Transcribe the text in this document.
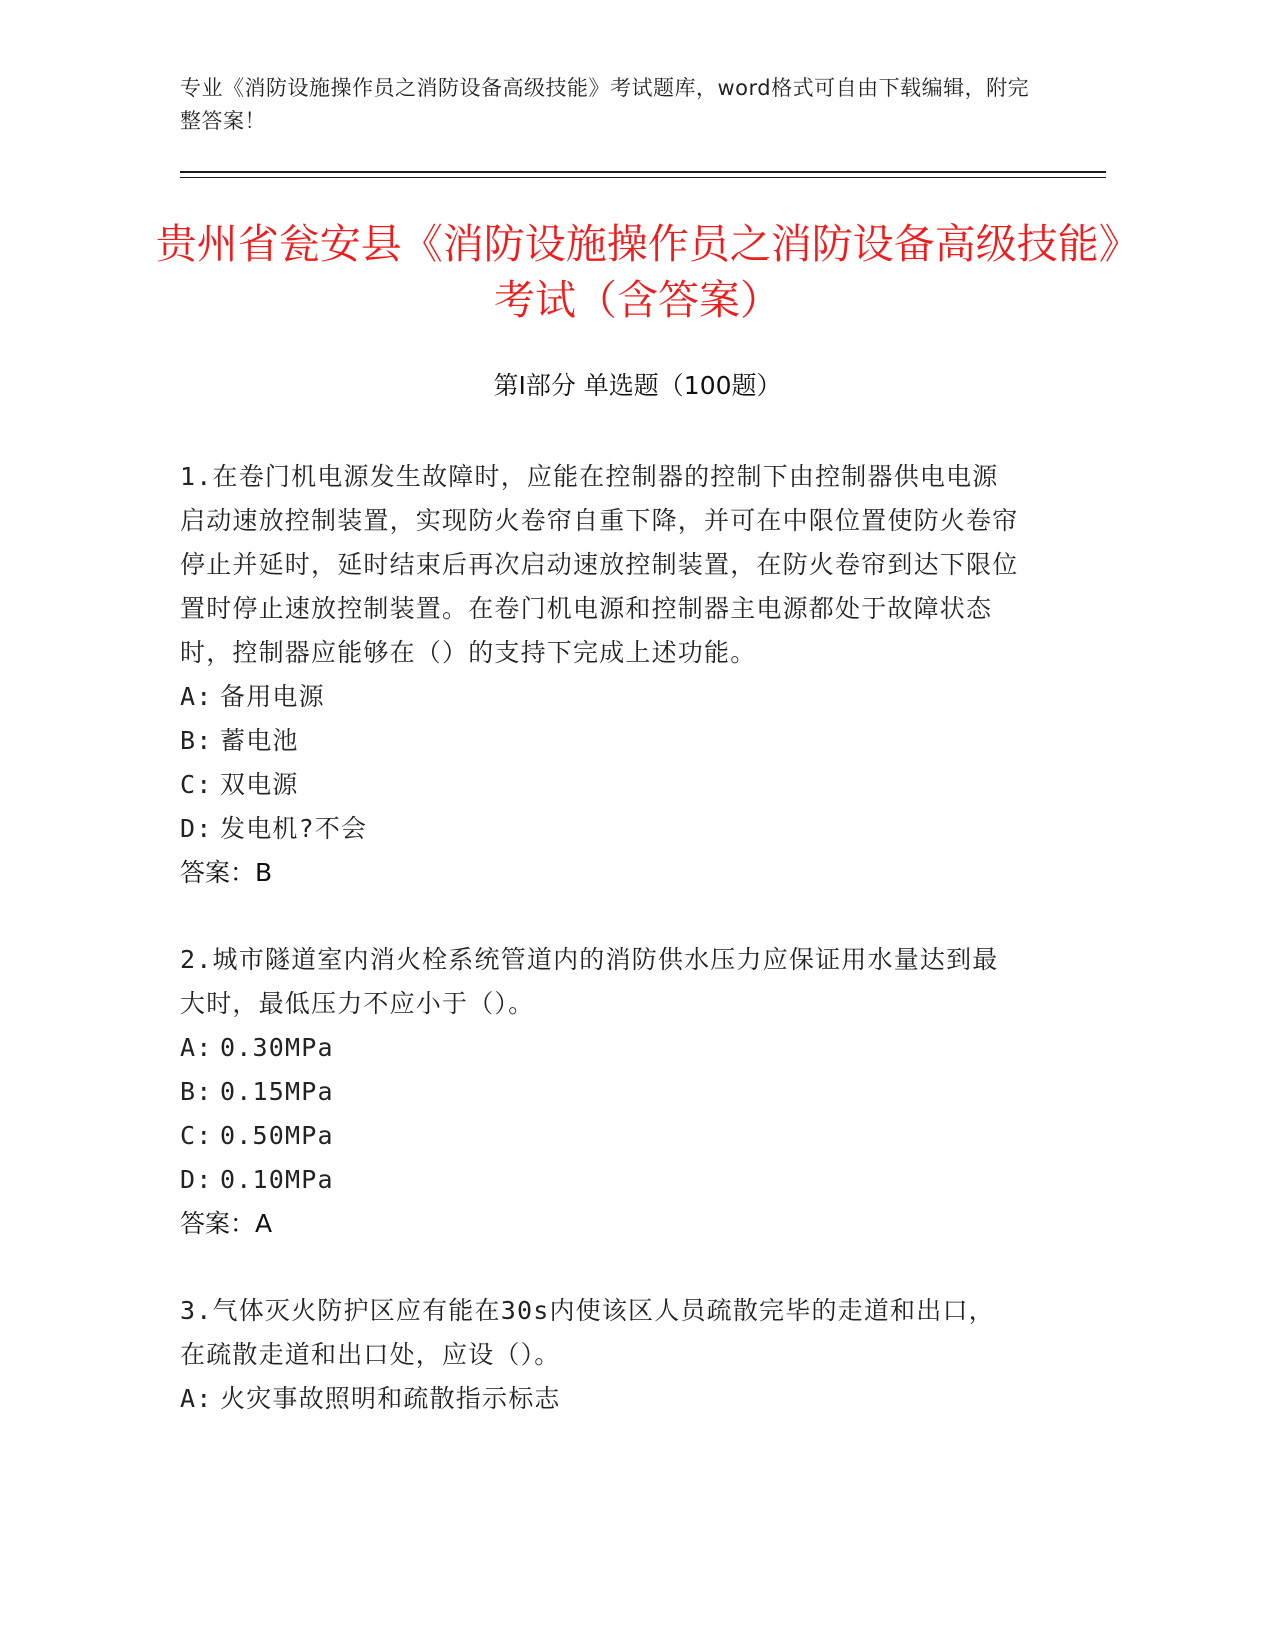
专业《消防设施操作员之消防设备高级技能》考试题库，word格式可自由下载编辑，附完整答案！
贵州省瓮安县《消防设施操作员之消防设备高级技能》考试（含答案）
第Ⅰ部分 单选题（100题）
1.在卷门机电源发生故障时，应能在控制器的控制下由控制器供电电源启动速放控制装置，实现防火卷帘自重下降，并可在中限位置使防火卷帘停止并延时，延时结束后再次启动速放控制装置，在防火卷帘到达下限位置时停止速放控制装置。在卷门机电源和控制器主电源都处于故障状态时，控制器应能够在（）的支持下完成上述功能。
A: 备用电源
B: 蓄电池
C: 双电源
D: 发电机?不会
答案：B
2.城市隧道室内消火栓系统管道内的消防供水压力应保证用水量达到最大时，最低压力不应小于（）。
A: 0.30MPa
B: 0.15MPa
C: 0.50MPa
D: 0.10MPa
答案：A
3.气体灭火防护区应有能在30s内使该区人员疏散完毕的走道和出口，在疏散走道和出口处，应设（）。
A: 火灾事故照明和疏散指示标志
